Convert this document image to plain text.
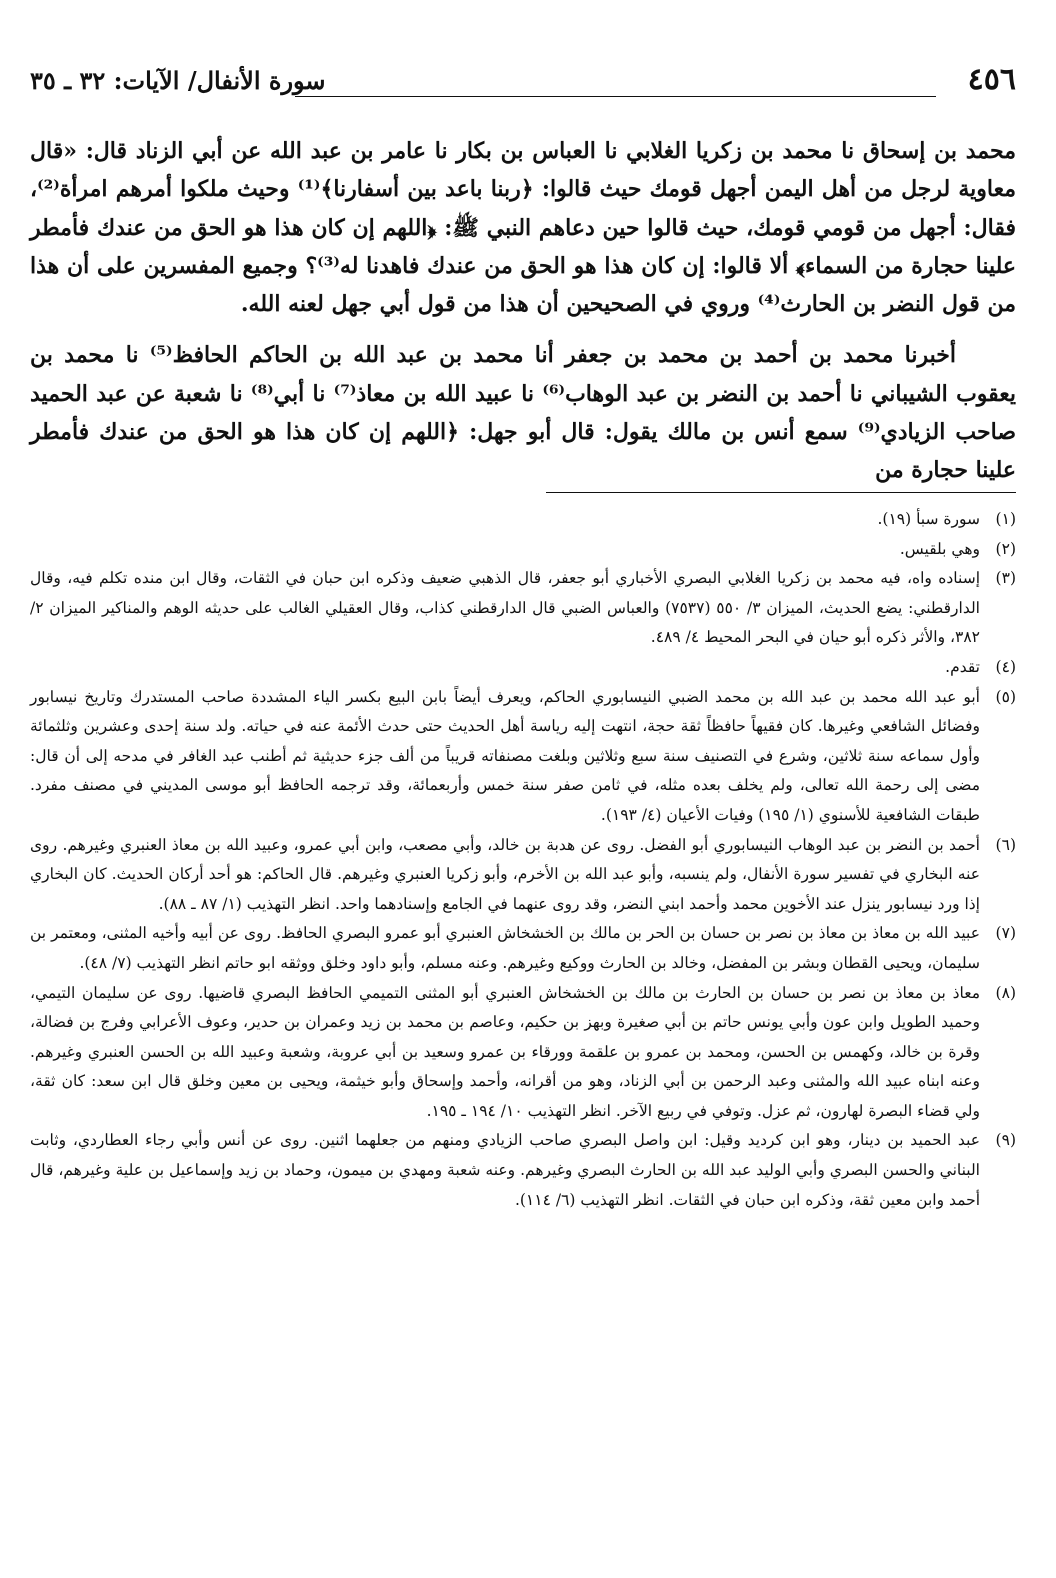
٤٥٦
سورة الأنفال/ الآيات: ٣٢ ـ ٣٥

محمد بن إسحاق نا محمد بن زكريا الغلابي نا العباس بن بكار نا عامر بن عبد الله عن أبي الزناد قال: «قال معاوية لرجل من أهل اليمن أجهل قومك حيث قالوا: ﴿ربنا باعد بين أسفارنا﴾⁽¹⁾ وحيث ملكوا أمرهم امرأة⁽²⁾، فقال: أجهل من قومي قومك، حيث قالوا حين دعاهم النبي ﷺ: ﴿اللهم إن كان هذا هو الحق من عندك فأمطر علينا حجارة من السماء﴾ ألا قالوا: إن كان هذا هو الحق من عندك فاهدنا له⁽³⁾؟ وجميع المفسرين على أن هذا من قول النضر بن الحارث⁽⁴⁾ وروي في الصحيحين أن هذا من قول أبي جهل لعنه الله.

أخبرنا محمد بن أحمد بن محمد بن جعفر أنا محمد بن عبد الله بن الحاكم الحافظ⁽⁵⁾ نا محمد بن يعقوب الشيباني نا أحمد بن النضر بن عبد الوهاب⁽⁶⁾ نا عبيد الله بن معاذ⁽⁷⁾ نا أبي⁽⁸⁾ نا شعبة عن عبد الحميد صاحب الزيادي⁽⁹⁾ سمع أنس بن مالك يقول: قال أبو جهل: ﴿اللهم إن كان هذا هو الحق من عندك فأمطر علينا حجارة من

(١)
سورة سبأ (١٩).
(٢)
وهي بلقيس.
(٣)
إسناده واه، فيه محمد بن زكريا الغلابي البصري الأخباري أبو جعفر، قال الذهبي ضعيف وذكره ابن حبان في الثقات، وقال ابن منده تكلم فيه، وقال الدارقطني: يضع الحديث، الميزان ٣/ ٥٥٠ (٧٥٣٧) والعباس الضبي قال الدارقطني كذاب، وقال العقيلي الغالب على حديثه الوهم والمناكير الميزان ٢/ ٣٨٢، والأثر ذكره أبو حيان في البحر المحيط ٤/ ٤٨٩.
(٤)
تقدم.
(٥)
أبو عبد الله محمد بن عبد الله بن محمد الضبي النيسابوري الحاكم، ويعرف أيضاً بابن البيع بكسر الياء المشددة صاحب المستدرك وتاريخ نيسابور وفضائل الشافعي وغيرها. كان فقيهاً حافظاً ثقة حجة، انتهت إليه رياسة أهل الحديث حتى حدث الأئمة عنه في حياته. ولد سنة إحدى وعشرين وثلثمائة وأول سماعه سنة ثلاثين، وشرع في التصنيف سنة سبع وثلاثين وبلغت مصنفاته قريباً من ألف جزء حديثية ثم أطنب عبد الغافر في مدحه إلى أن قال: مضى إلى رحمة الله تعالى، ولم يخلف بعده مثله، في ثامن صفر سنة خمس وأربعمائة، وقد ترجمه الحافظ أبو موسى المديني في مصنف مفرد. طبقات الشافعية للأسنوي (١/ ١٩٥) وفيات الأعيان (٤/ ١٩٣).
(٦)
أحمد بن النضر بن عبد الوهاب النيسابوري أبو الفضل. روى عن هدبة بن خالد، وأبي مصعب، وابن أبي عمرو، وعبيد الله بن معاذ العنبري وغيرهم. روى عنه البخاري في تفسير سورة الأنفال، ولم ينسبه، وأبو عبد الله بن الأخرم، وأبو زكريا العنبري وغيرهم. قال الحاكم: هو أحد أركان الحديث. كان البخاري إذا ورد نيسابور ينزل عند الأخوين محمد وأحمد ابني النضر، وقد روى عنهما في الجامع وإسنادهما واحد. انظر التهذيب (١/ ٨٧ ـ ٨٨).
(٧)
عبيد الله بن معاذ بن معاذ بن نصر بن حسان بن الحر بن مالك بن الخشخاش العنبري أبو عمرو البصري الحافظ. روى عن أبيه وأخيه المثنى، ومعتمر بن سليمان، ويحيى القطان وبشر بن المفضل، وخالد بن الحارث ووكيع وغيرهم. وعنه مسلم، وأبو داود وخلق ووثقه ابو حاتم انظر التهذيب (٧/ ٤٨).
(٨)
معاذ بن معاذ بن نصر بن حسان بن الحارث بن مالك بن الخشخاش العنبري أبو المثنى التميمي الحافظ البصري قاضيها. روى عن سليمان التيمي، وحميد الطويل وابن عون وأبي يونس حاتم بن أبي صغيرة وبهز بن حكيم، وعاصم بن محمد بن زيد وعمران بن حدير، وعوف الأعرابي وفرج بن فضالة، وقرة بن خالد، وكهمس بن الحسن، ومحمد بن عمرو بن علقمة وورقاء بن عمرو وسعيد بن أبي عروبة، وشعبة وعبيد الله بن الحسن العنبري وغيرهم. وعنه ابناه عبيد الله والمثنى وعبد الرحمن بن أبي الزناد، وهو من أقرانه، وأحمد وإسحاق وأبو خيثمة، ويحيى بن معين وخلق قال ابن سعد: كان ثقة، ولي قضاء البصرة لهارون، ثم عزل. وتوفي في ربيع الآخر. انظر التهذيب ١٠/ ١٩٤ ـ ١٩٥.
(٩)
عبد الحميد بن دينار، وهو ابن كرديد وقيل: ابن واصل البصري صاحب الزيادي ومنهم من جعلهما اثنين. روى عن أنس وأبي رجاء العطاردي، وثابت البناني والحسن البصري وأبي الوليد عبد الله بن الحارث البصري وغيرهم. وعنه شعبة ومهدي بن ميمون، وحماد بن زيد وإسماعيل بن علية وغيرهم، قال أحمد وابن معين ثقة، وذكره ابن حبان في الثقات. انظر التهذيب (٦/ ١١٤).
